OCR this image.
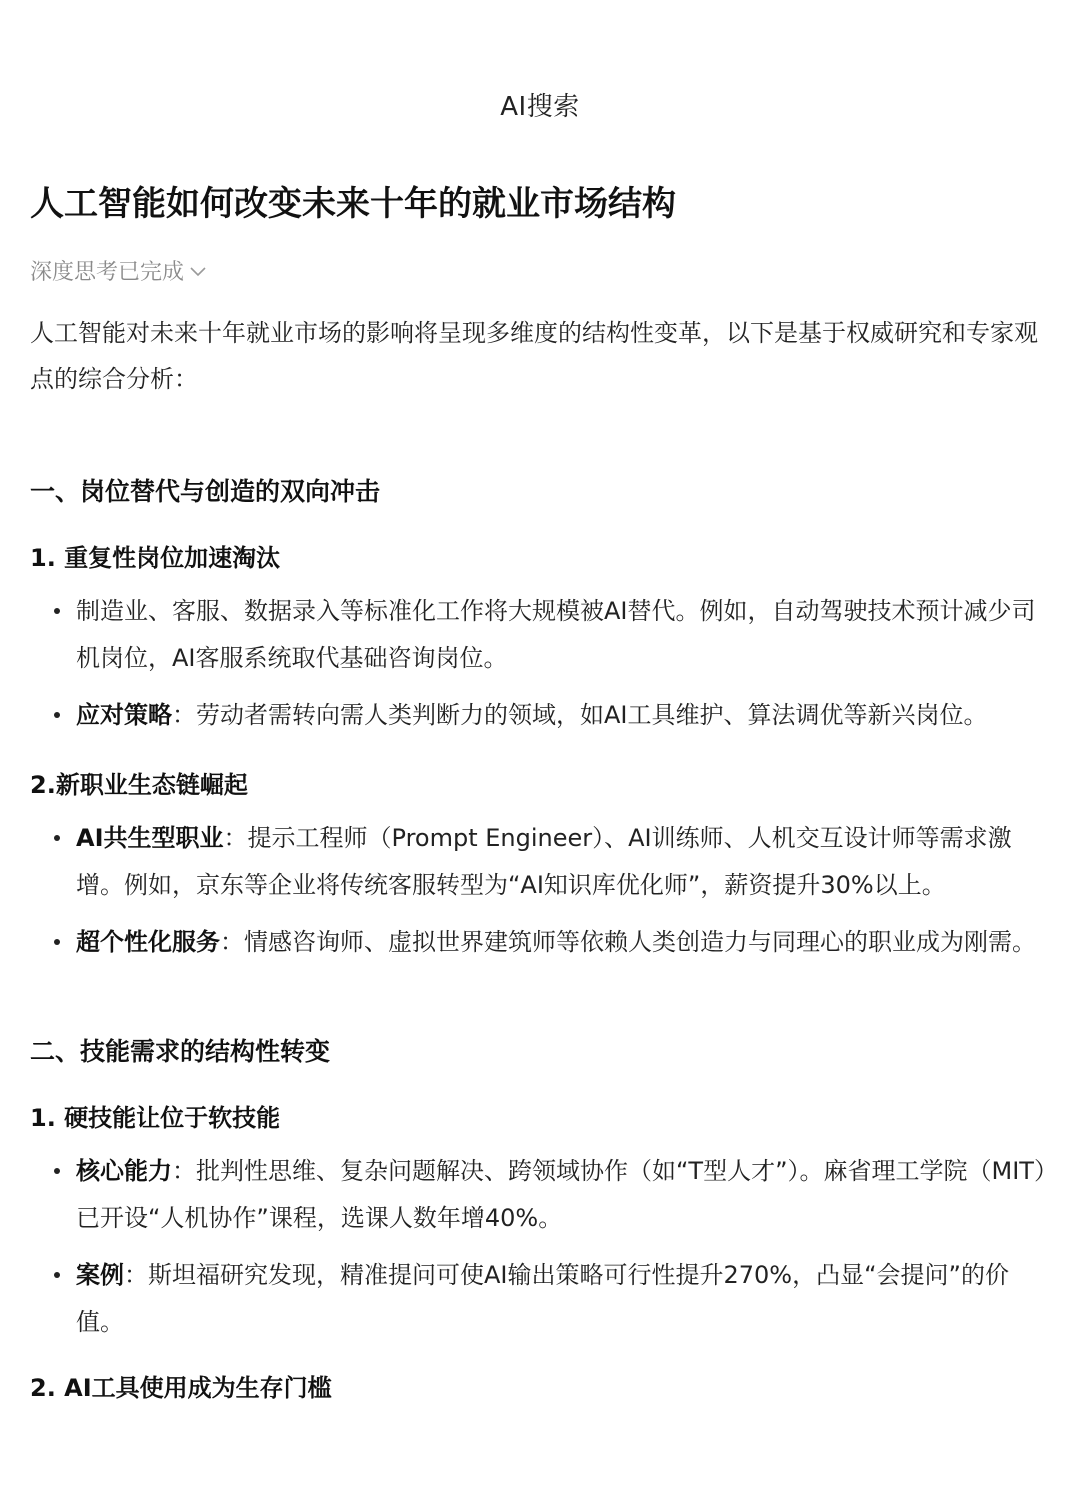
AI搜索
人工智能如何改变未来十年的就业市场结构
深度思考已完成
人工智能对未来十年就业市场的影响将呈现多维度的结构性变革，以下是基于权威研究和专家观点的综合分析：
一、岗位替代与创造的双向冲击
1. 重复性岗位加速淘汰
制造业、客服、数据录入等标准化工作将大规模被AI替代。例如，自动驾驶技术预计减少司机岗位，AI客服系统取代基础咨询岗位。
应对策略：劳动者需转向需人类判断力的领域，如AI工具维护、算法调优等新兴岗位。
2.新职业生态链崛起
AI共生型职业：提示工程师（Prompt Engineer）、AI训练师、人机交互设计师等需求激增。例如，京东等企业将传统客服转型为“AI知识库优化师”，薪资提升30%以上。
超个性化服务：情感咨询师、虚拟世界建筑师等依赖人类创造力与同理心的职业成为刚需。
二、技能需求的结构性转变
1. 硬技能让位于软技能
核心能力：批判性思维、复杂问题解决、跨领域协作（如“T型人才”）。麻省理工学院（MIT）已开设“人机协作”课程，选课人数年增40%。
案例：斯坦福研究发现，精准提问可使AI输出策略可行性提升270%，凸显“会提问”的价值。
2. AI工具使用成为生存门槛
